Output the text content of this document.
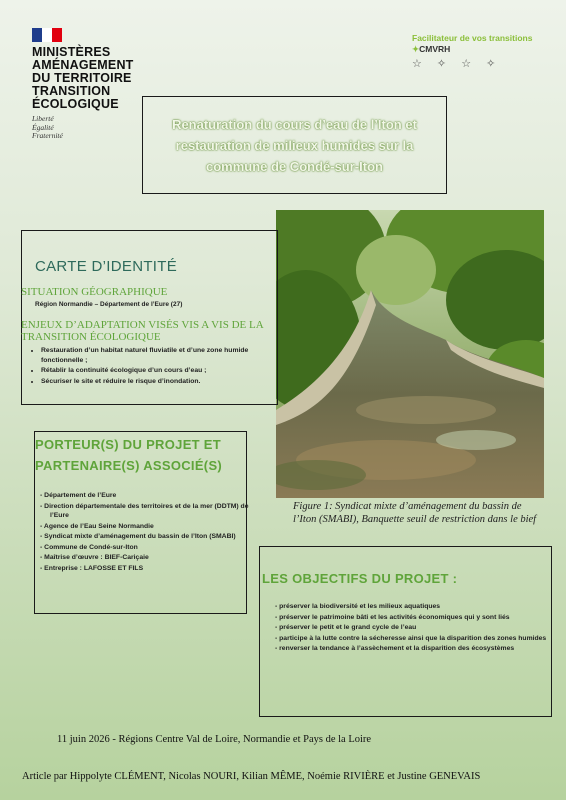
MINISTÈRES
AMÉNAGEMENT
DU TERRITOIRE
TRANSITION
ÉCOLOGIQUE
Liberté
Égalité
Fraternité
Facilitateur de vos transitions
✦CMVRH
☆ ✧ ☆ ✧
Renaturation du cours d’eau de l’Iton et restauration de milieux humides sur la commune de Condé-sur-Iton
Figure 1: Syndicat mixte d’aménagement du bassin de l’Iton (SMABI), Banquette seuil de restriction dans le bief
CARTE D’IDENTITÉ
SITUATION GÉOGRAPHIQUE
Région Normandie – Département de l’Eure (27)
ENJEUX D’ADAPTATION VISÉS VIS A VIS DE LA TRANSITION ÉCOLOGIQUE
• Restauration d’un habitat naturel fluviatile et d’une zone humide fonctionnelle ;
• Rétablir la continuité écologique d’un cours d’eau ;
• Sécuriser le site et réduire le risque d’inondation.
PORTEUR(S) DU PROJET ET PARTENAIRE(S) ASSOCIÉ(S)
- Département de l’Eure
- Direction départementale des territoires et de la mer (DDTM) de l’Eure
- Agence de l’Eau Seine Normandie
- Syndicat mixte d’aménagement du bassin de l’Iton (SMABI)
- Commune de Condé-sur-Iton
- Maîtrise d’œuvre : BIEF-Cariçaie
- Entreprise : LAFOSSE ET FILS
LES OBJECTIFS DU PROJET :
- préserver la biodiversité et les milieux aquatiques
- préserver le patrimoine bâti et les activités économiques qui y sont liés
- préserver le petit et le grand cycle de l’eau
- participe à la lutte contre la sécheresse ainsi que la disparition des zones humides
- renverser la tendance à l’assèchement et la disparition des écosystèmes
11 juin 2026 - Régions Centre Val de Loire, Normandie et Pays de la Loire
Article par Hippolyte CLÉMENT, Nicolas NOURI, Kilian MÊME, Noémie RIVIÈRE et Justine GENEVAIS
